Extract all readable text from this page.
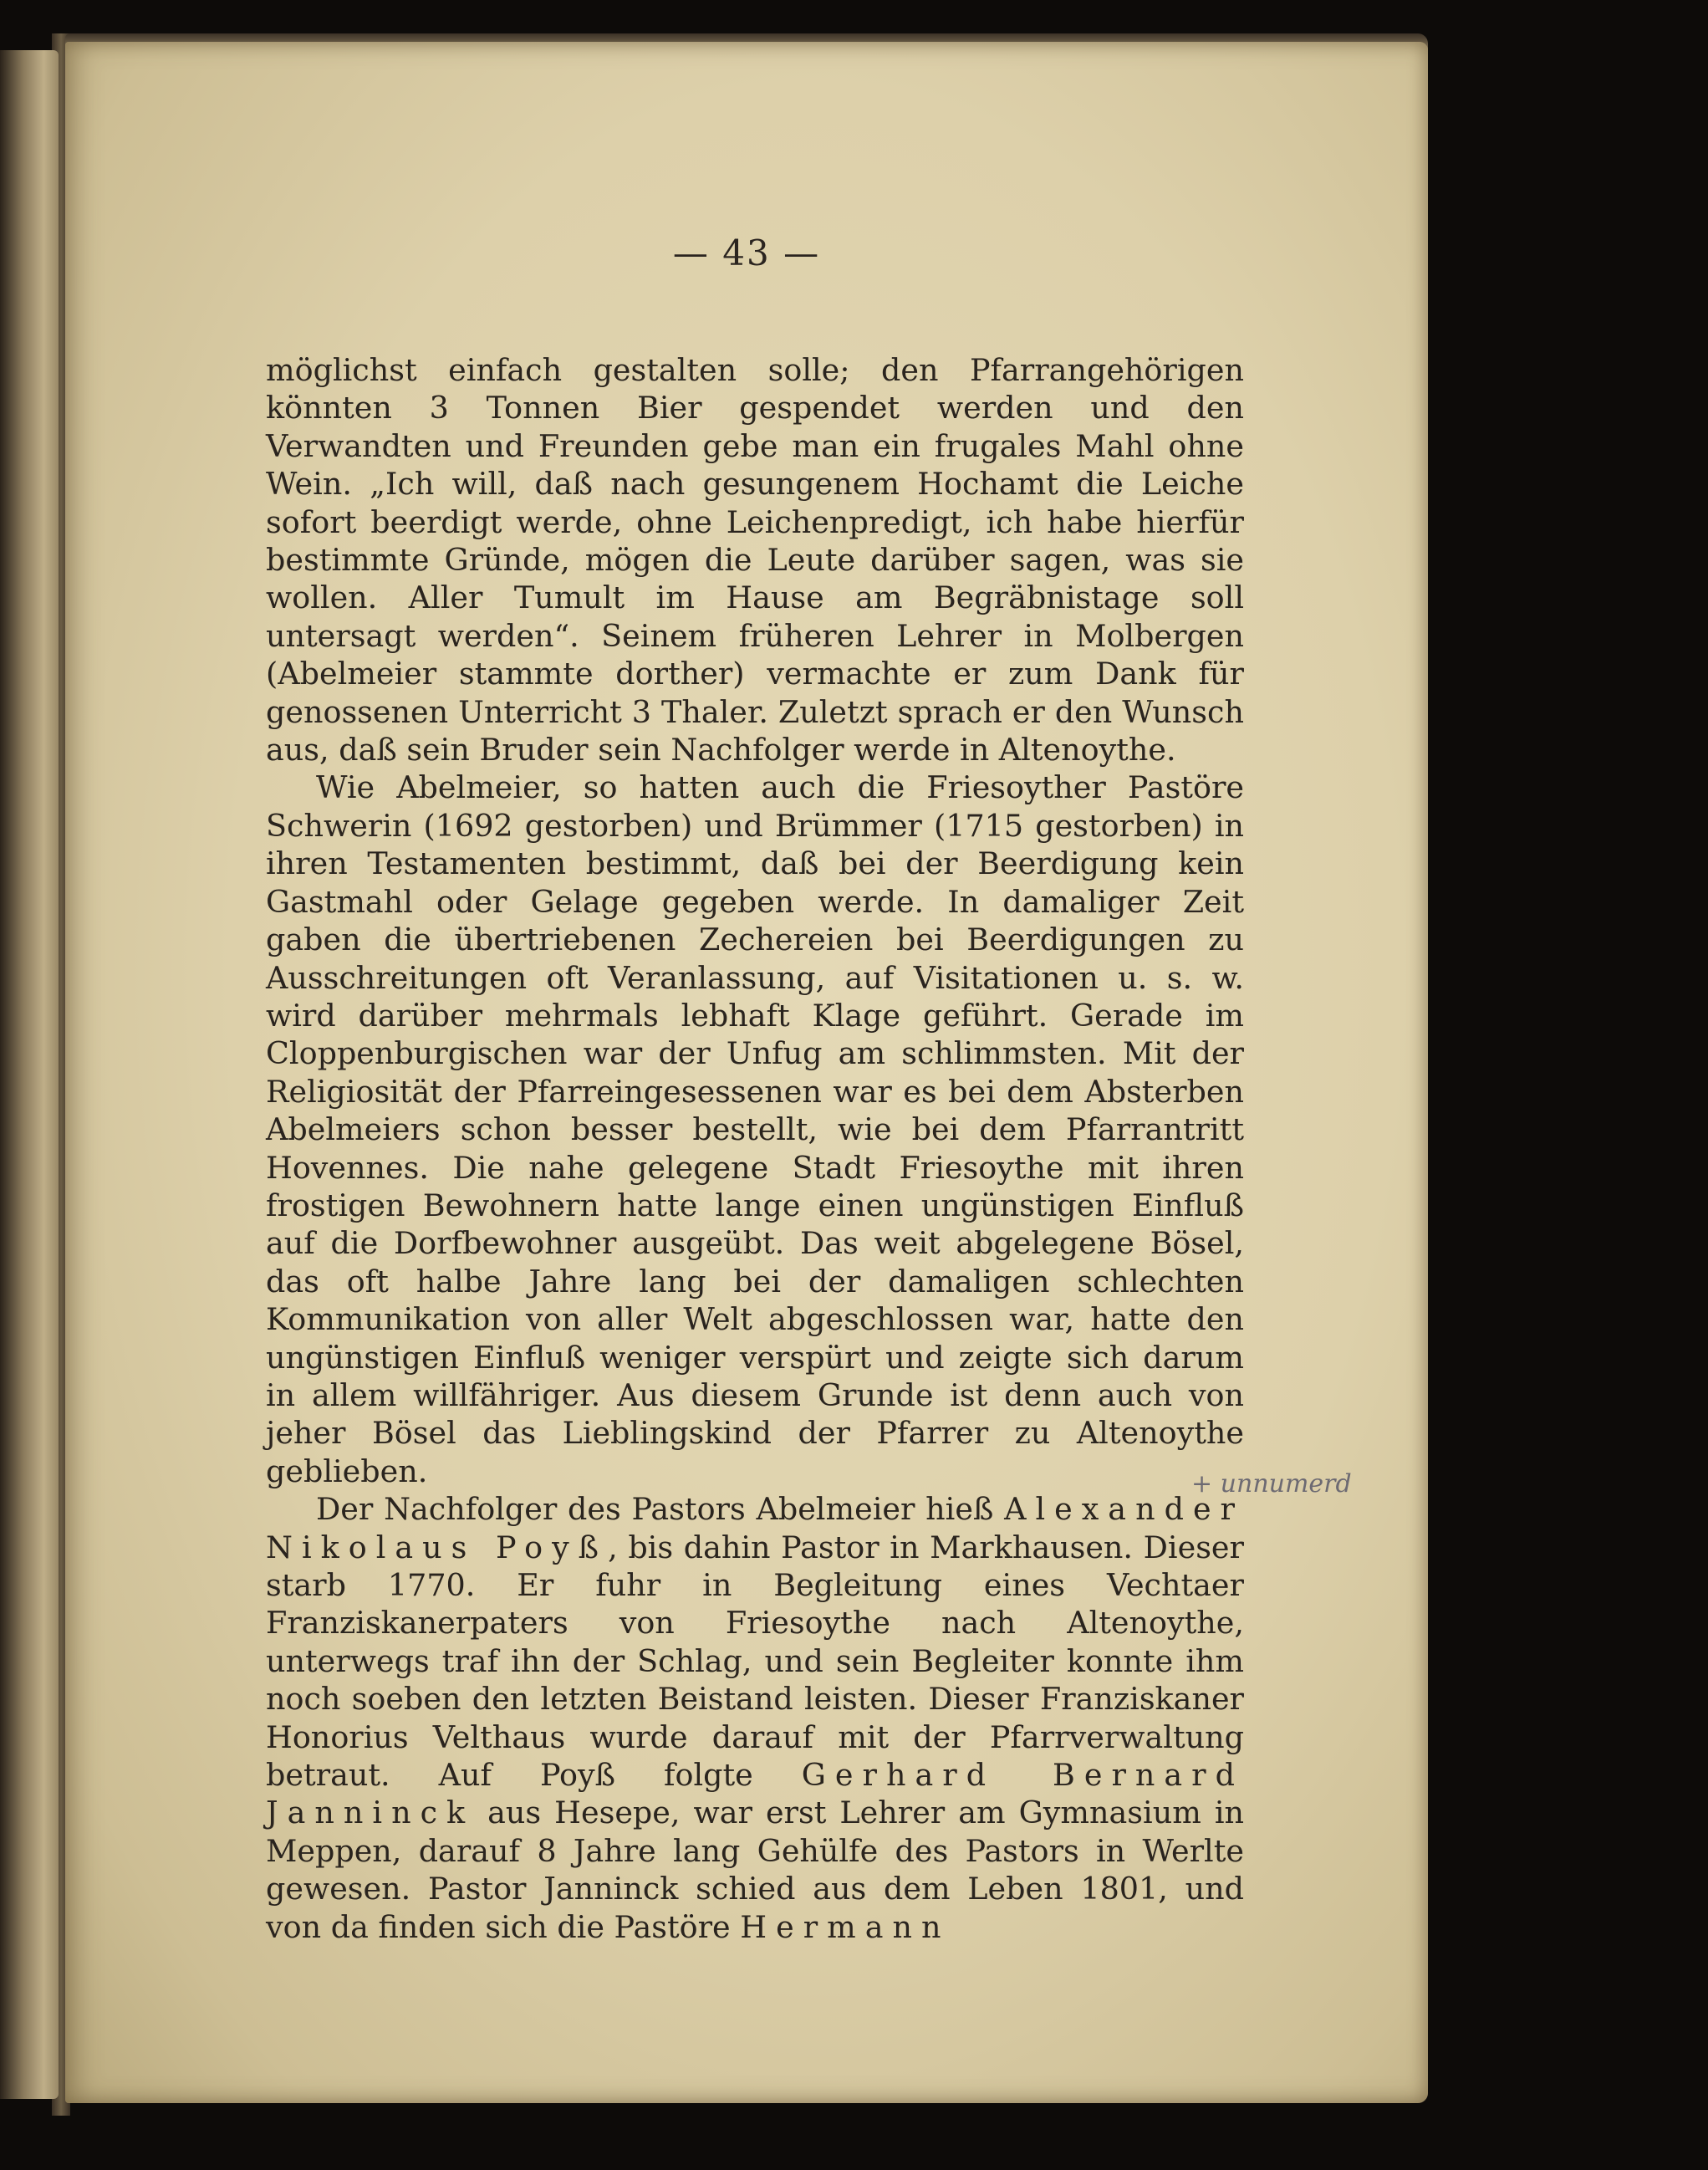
— 43 —

möglichst einfach gestalten solle; den Pfarrangehörigen könnten 3 Tonnen Bier gespendet werden und den Verwandten und Freunden gebe man ein frugales Mahl ohne Wein. „Ich will, daß nach gesungenem Hochamt die Leiche sofort beerdigt werde, ohne Leichenpredigt, ich habe hierfür bestimmte Gründe, mögen die Leute darüber sagen, was sie wollen. Aller Tumult im Hause am Begräbnistage soll untersagt werden“. Seinem früheren Lehrer in Molbergen (Abelmeier stammte dorther) vermachte er zum Dank für genossenen Unterricht 3 Thaler. Zuletzt sprach er den Wunsch aus, daß sein Bruder sein Nachfolger werde in Altenoythe.

Wie Abelmeier, so hatten auch die Friesoyther Pastöre Schwerin (1692 gestorben) und Brümmer (1715 gestorben) in ihren Testamenten bestimmt, daß bei der Beerdigung kein Gastmahl oder Gelage gegeben werde. In damaliger Zeit gaben die übertriebenen Zechereien bei Beerdigungen zu Ausschreitungen oft Veranlassung, auf Visitationen u. s. w. wird darüber mehrmals lebhaft Klage geführt. Gerade im Cloppenburgischen war der Unfug am schlimmsten. Mit der Religiosität der Pfarreingesessenen war es bei dem Absterben Abelmeiers schon besser bestellt, wie bei dem Pfarrantritt Hovennes. Die nahe gelegene Stadt Friesoythe mit ihren frostigen Bewohnern hatte lange einen ungünstigen Einfluß auf die Dorfbewohner ausgeübt. Das weit abgelegene Bösel, das oft halbe Jahre lang bei der damaligen schlechten Kommunikation von aller Welt abgeschlossen war, hatte den ungünstigen Einfluß weniger verspürt und zeigte sich darum in allem willfähriger. Aus diesem Grunde ist denn auch von jeher Bösel das Lieblingskind der Pfarrer zu Altenoythe geblieben.

Der Nachfolger des Pastors Abelmeier hieß Alexander Nikolaus Poyß, bis dahin Pastor in Markhausen. Dieser starb 1770. Er fuhr in Begleitung eines Vechtaer Franziskanerpaters von Friesoythe nach Altenoythe, unterwegs traf ihn der Schlag, und sein Begleiter konnte ihm noch soeben den letzten Beistand leisten. Dieser Franziskaner Honorius Velthaus wurde darauf mit der Pfarrverwaltung betraut. Auf Poyß folgte Gerhard Bernard Janninck aus Hesepe, war erst Lehrer am Gymnasium in Meppen, darauf 8 Jahre lang Gehülfe des Pastors in Werlte gewesen. Pastor Janninck schied aus dem Leben 1801, und von da finden sich die Pastöre Hermann

+ unnumerd
